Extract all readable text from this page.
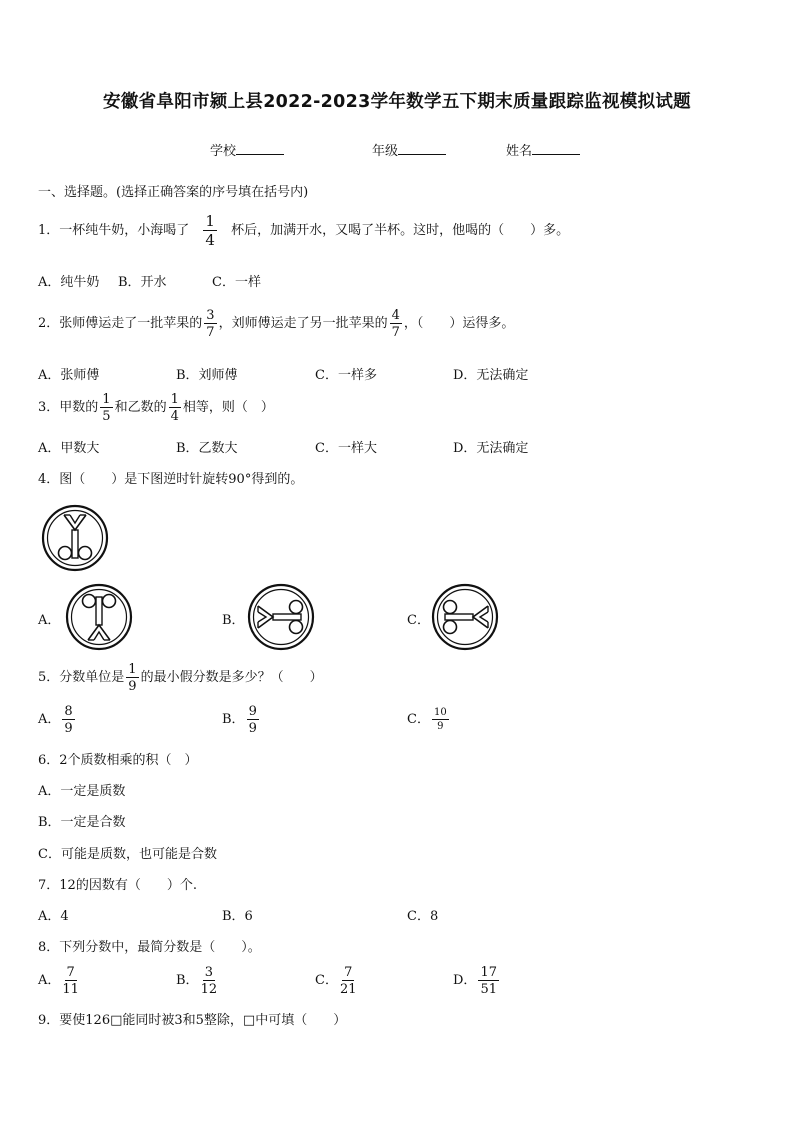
安徽省阜阳市颍上县2022-2023学年数学五下期末质量跟踪监视模拟试题
学校	年级	姓名
一、选择题。(选择正确答案的序号填在括号内)
1．一杯纯牛奶，小海喝了 $\frac{1}{4}$ 杯后，加满开水，又喝了半杯。这时，他喝的（　　）多。
A．纯牛奶 B．开水	C．一样
2．张师傅运走了一批苹果的 $\frac{3}{7}$ ，刘师傅运走了另一批苹果的 $\frac{4}{7}$ ，（　　）运得多。
A．张师傅	B．刘师傅	C．一样多	D．无法确定
3．甲数的 $\frac{1}{5}$ 和乙数的 $\frac{1}{4}$ 相等，则（　）
A．甲数大	B．乙数大	C．一样大	D．无法确定
4．图（　　）是下图逆时针旋转90°得到的。
A．	B．	C．
5．分数单位是 $\frac{1}{9}$ 的最小假分数是多少？（　　）
A． $\frac{8}{9}$	B． $\frac{9}{9}$	C． $\frac{10}{9}$
6．2个质数相乘的积（　）
A．一定是质数
B．一定是合数
C．可能是质数，也可能是合数
7．12的因数有（　　）个.
A．4	B．6	C．8
8．下列分数中，最简分数是（　　）。
A． $\frac{7}{11}$	B． $\frac{3}{12}$	C． $\frac{7}{21}$	D． $\frac{17}{51}$
9．要使126□能同时被3和5整除，□中可填（　　）
